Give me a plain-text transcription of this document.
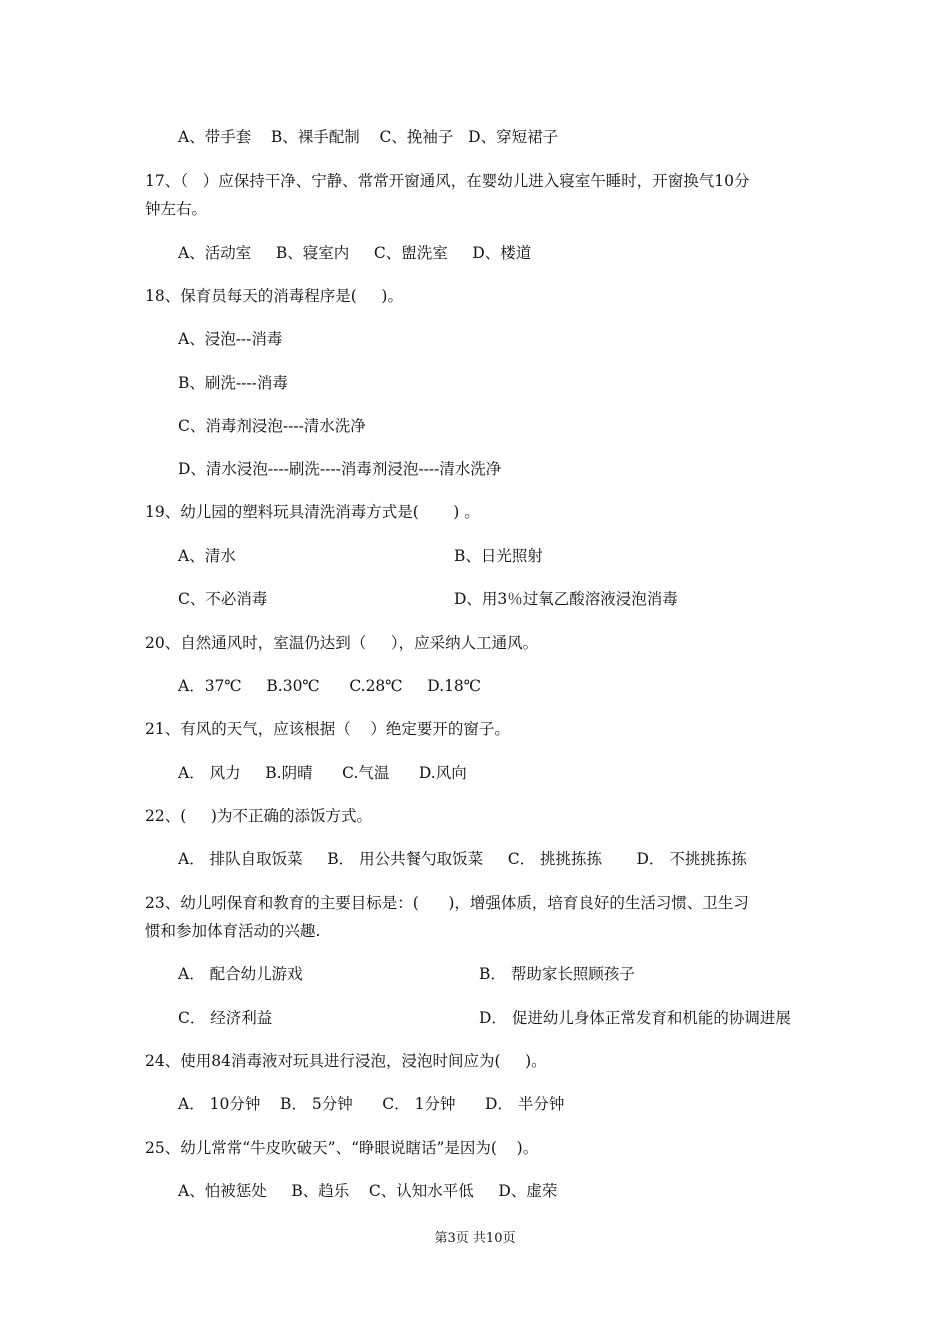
A、带手套    B、裸手配制    C、挽袖子   D、穿短裙子
17、（   ）应保持干净、宁静、常常开窗通风，在婴幼儿进入寝室午睡时，开窗换气10分
钟左右。
A、活动室     B、寝室内     C、盥洗室     D、楼道
18、保育员每天的消毒程序是(     )。
A、浸泡---消毒
B、刷洗----消毒
C、消毒剂浸泡----清水洗净
D、清水浸泡----刷洗----消毒剂浸泡----清水洗净
19、幼儿园的塑料玩具清洗消毒方式是(       ) 。
A、清水	B、日光照射
C、不必消毒	D、用3％过氧乙酸溶液浸泡消毒
20、自然通风时，室温仍达到（     ），应采纳人工通风。
A．37℃     B.30℃      C.28℃     D.18℃
21、有风的天气，应该根据（    ）绝定要开的窗子。
A． 风力     B.阴晴      C.气温      D.风向
22、(     )为不正确的添饭方式。
A． 排队自取饭菜     B． 用公共餐勺取饭菜     C． 挑挑拣拣       D． 不挑挑拣拣
23、幼儿吲保育和教育的主要目标是：(      )，增强体质，培育良好的生活习惯、卫生习
惯和参加体育活动的兴趣.
A． 配合幼儿游戏	B． 帮助家长照顾孩子
C． 经济利益	D． 促进幼儿身体正常发育和机能的协调进展
24、使用84消毒液对玩具进行浸泡，浸泡时间应为(     )。
A． 10分钟    B． 5分钟      C． 1分钟      D． 半分钟
25、幼儿常常“牛皮吹破天”、“睁眼说瞎话”是因为(    )。
A、怕被惩处     B、趋乐    C、认知水平低     D、虚荣
第3页 共10页
